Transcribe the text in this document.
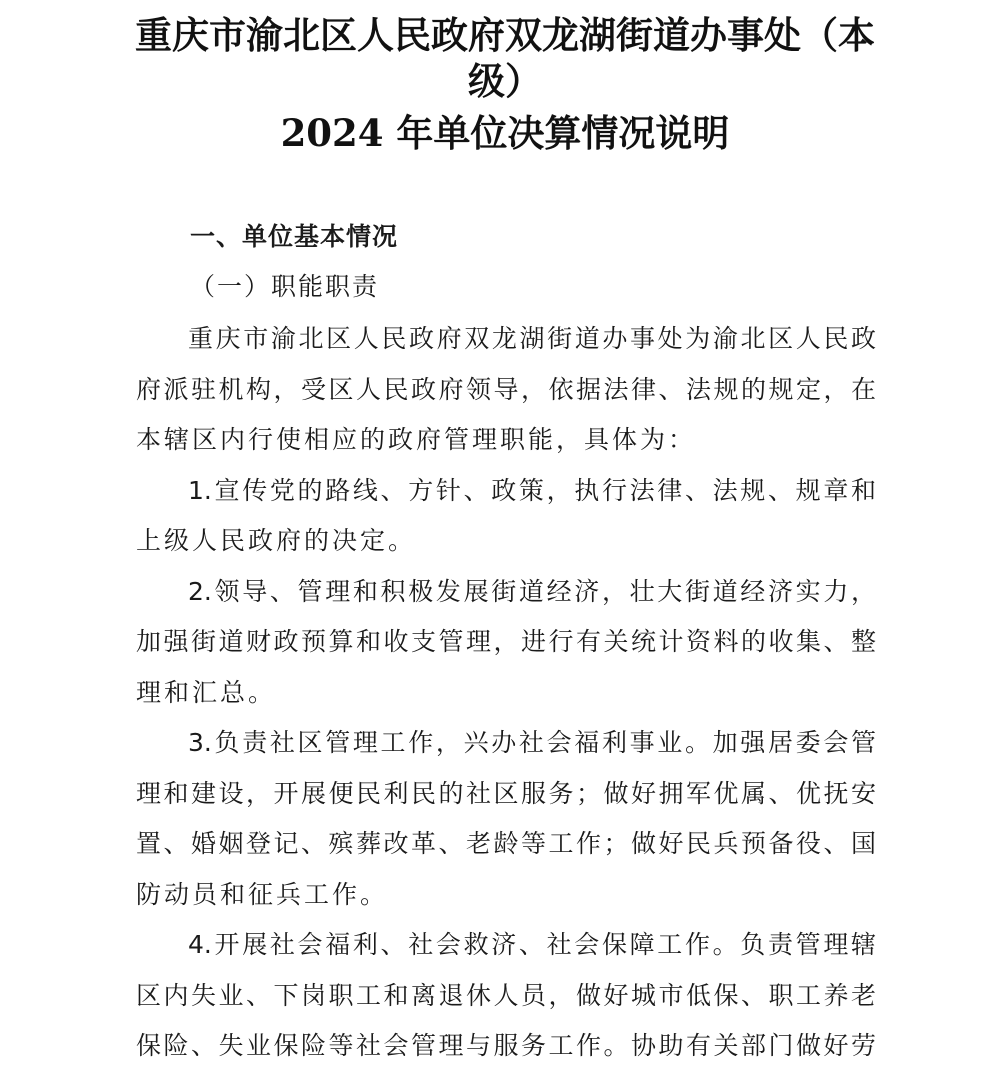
重庆市渝北区人民政府双龙湖街道办事处（本
级）
2024 年单位决算情况说明
一、单位基本情况
（一）职能职责
重庆市渝北区人民政府双龙湖街道办事处为渝北区人民政
府派驻机构，受区人民政府领导，依据法律、法规的规定，在
本辖区内行使相应的政府管理职能，具体为：
1.宣传党的路线、方针、政策，执行法律、法规、规章和
上级人民政府的决定。
2.领导、管理和积极发展街道经济，壮大街道经济实力，
加强街道财政预算和收支管理，进行有关统计资料的收集、整
理和汇总。
3.负责社区管理工作，兴办社会福利事业。加强居委会管
理和建设，开展便民利民的社区服务；做好拥军优属、优抚安
置、婚姻登记、殡葬改革、老龄等工作；做好民兵预备役、国
防动员和征兵工作。
4.开展社会福利、社会救济、社会保障工作。负责管理辖
区内失业、下岗职工和离退休人员，做好城市低保、职工养老
保险、失业保险等社会管理与服务工作。协助有关部门做好劳
